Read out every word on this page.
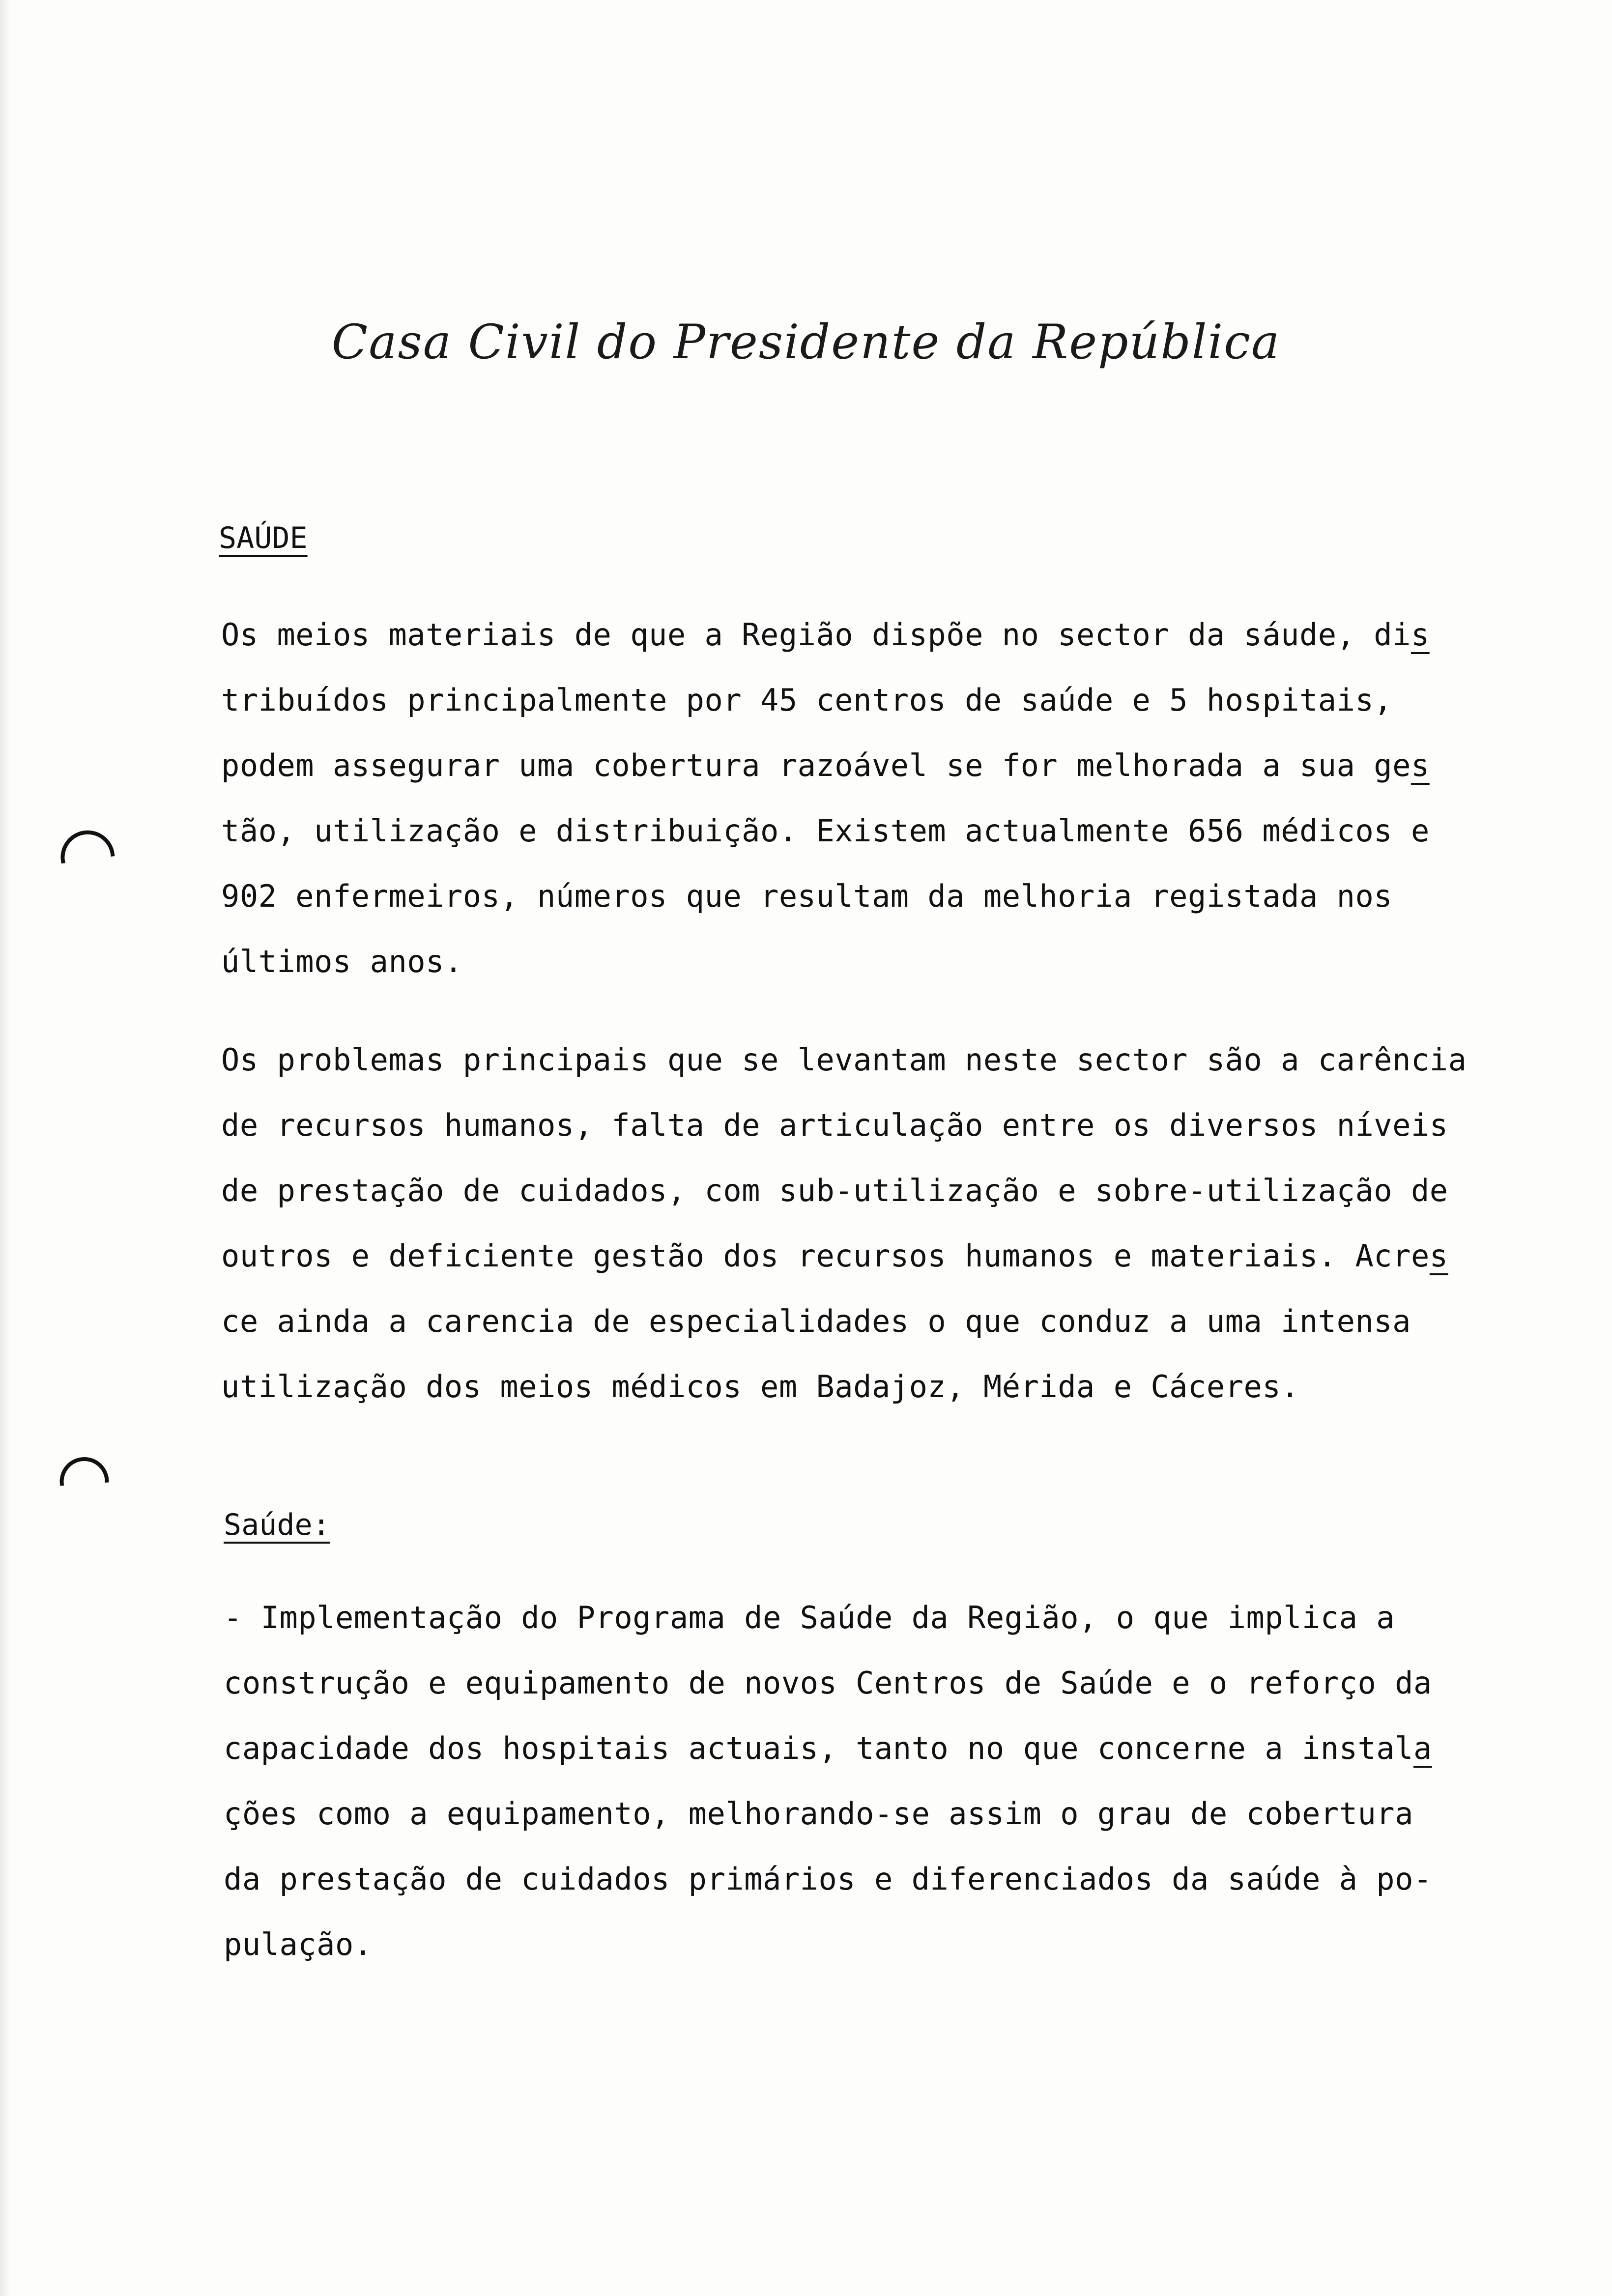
Casa Civil do Presidente da República
SAÚDE
Os meios materiais de que a Região dispõe no sector da sáude, dis
tribuídos principalmente por 45 centros de saúde e 5 hospitais,
podem assegurar uma cobertura razoável se for melhorada a sua ges
tão, utilização e distribuição. Existem actualmente 656 médicos e
902 enfermeiros, números que resultam da melhoria registada nos
últimos anos.
Os problemas principais que se levantam neste sector são a carência
de recursos humanos, falta de articulação entre os diversos níveis
de prestação de cuidados, com sub-utilização e sobre-utilização de
outros e deficiente gestão dos recursos humanos e materiais. Acres
ce ainda a carencia de especialidades o que conduz a uma intensa
utilização dos meios médicos em Badajoz, Mérida e Cáceres.
Saúde:
- Implementação do Programa de Saúde da Região, o que implica a
construção e equipamento de novos Centros de Saúde e o reforço da
capacidade dos hospitais actuais, tanto no que concerne a instala
ções como a equipamento, melhorando-se assim o grau de cobertura
da prestação de cuidados primários e diferenciados da saúde à po-
pulação.
